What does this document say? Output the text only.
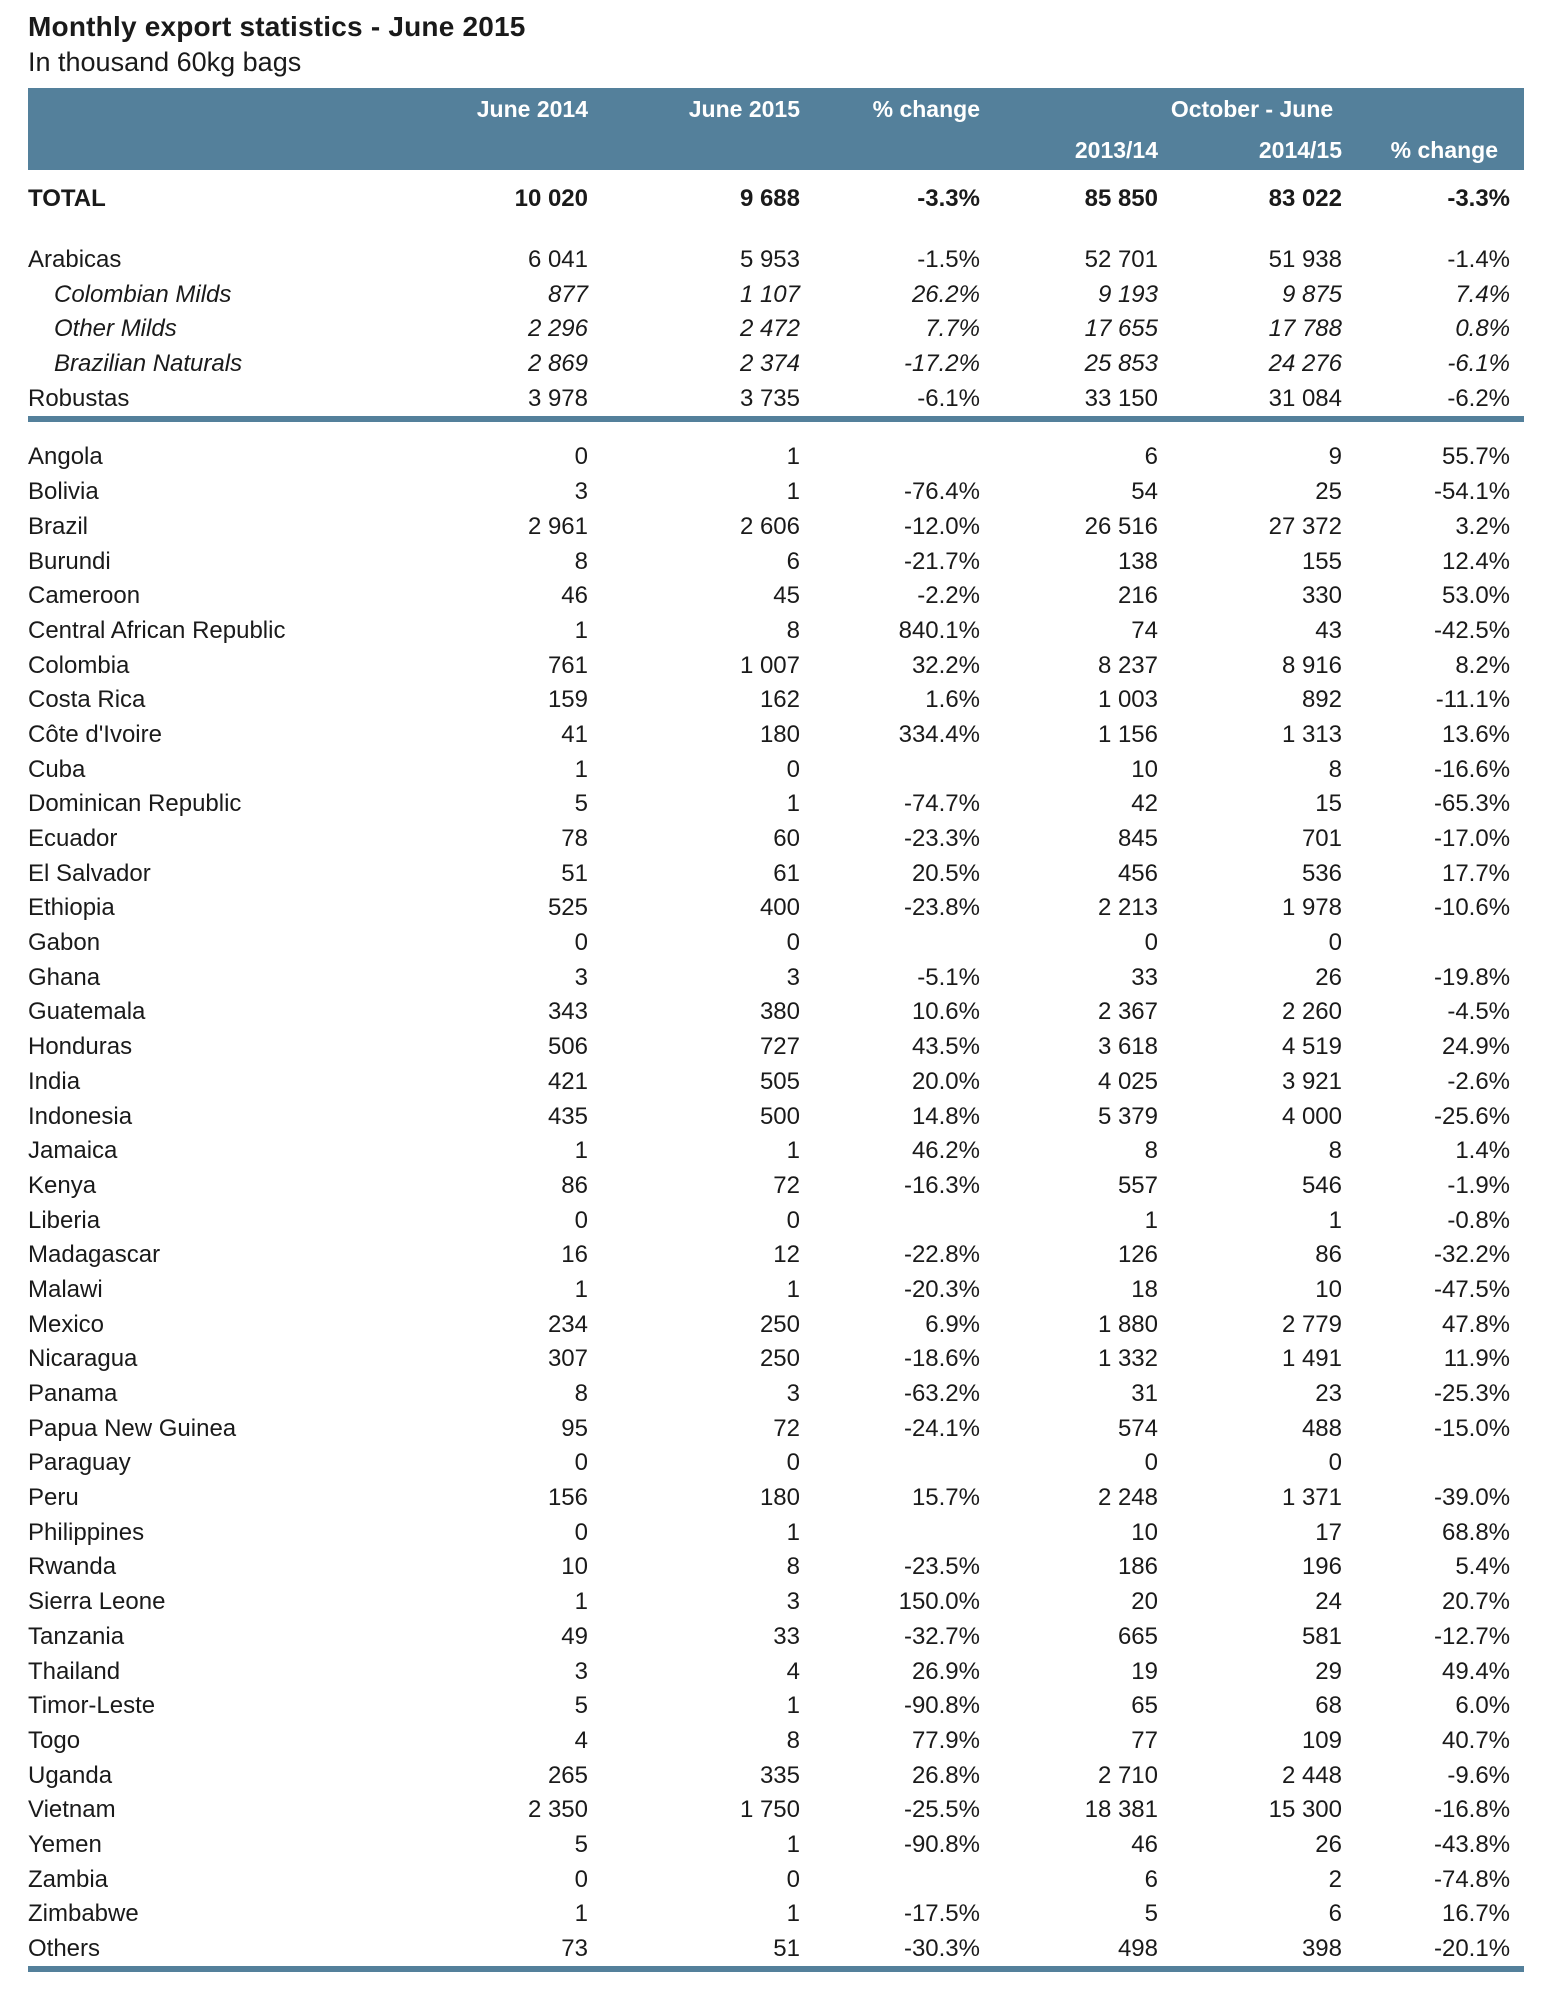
Monthly export statistics - June 2015
In thousand 60kg bags
	June 2014	June 2015	% change	October - June		
				2013/14	2014/15	% change

TOTAL	10 020	9 688	-3.3%	85 850	83 022	-3.3%

Arabicas	6 041	5 953	-1.5%	52 701	51 938	-1.4%
Colombian Milds	877	1 107	26.2%	9 193	9 875	7.4%
Other Milds	2 296	2 472	7.7%	17 655	17 788	0.8%
Brazilian Naturals	2 869	2 374	-17.2%	25 853	24 276	-6.1%
Robustas	3 978	3 735	-6.1%	33 150	31 084	-6.2%

Angola	0	1		6	9	55.7%
Bolivia	3	1	-76.4%	54	25	-54.1%
Brazil	2 961	2 606	-12.0%	26 516	27 372	3.2%
Burundi	8	6	-21.7%	138	155	12.4%
Cameroon	46	45	-2.2%	216	330	53.0%
Central African Republic	1	8	840.1%	74	43	-42.5%
Colombia	761	1 007	32.2%	8 237	8 916	8.2%
Costa Rica	159	162	1.6%	1 003	892	-11.1%
Côte d'Ivoire	41	180	334.4%	1 156	1 313	13.6%
Cuba	1	0		10	8	-16.6%
Dominican Republic	5	1	-74.7%	42	15	-65.3%
Ecuador	78	60	-23.3%	845	701	-17.0%
El Salvador	51	61	20.5%	456	536	17.7%
Ethiopia	525	400	-23.8%	2 213	1 978	-10.6%
Gabon	0	0		0	0	
Ghana	3	3	-5.1%	33	26	-19.8%
Guatemala	343	380	10.6%	2 367	2 260	-4.5%
Honduras	506	727	43.5%	3 618	4 519	24.9%
India	421	505	20.0%	4 025	3 921	-2.6%
Indonesia	435	500	14.8%	5 379	4 000	-25.6%
Jamaica	1	1	46.2%	8	8	1.4%
Kenya	86	72	-16.3%	557	546	-1.9%
Liberia	0	0		1	1	-0.8%
Madagascar	16	12	-22.8%	126	86	-32.2%
Malawi	1	1	-20.3%	18	10	-47.5%
Mexico	234	250	6.9%	1 880	2 779	47.8%
Nicaragua	307	250	-18.6%	1 332	1 491	11.9%
Panama	8	3	-63.2%	31	23	-25.3%
Papua New Guinea	95	72	-24.1%	574	488	-15.0%
Paraguay	0	0		0	0	
Peru	156	180	15.7%	2 248	1 371	-39.0%
Philippines	0	1		10	17	68.8%
Rwanda	10	8	-23.5%	186	196	5.4%
Sierra Leone	1	3	150.0%	20	24	20.7%
Tanzania	49	33	-32.7%	665	581	-12.7%
Thailand	3	4	26.9%	19	29	49.4%
Timor-Leste	5	1	-90.8%	65	68	6.0%
Togo	4	8	77.9%	77	109	40.7%
Uganda	265	335	26.8%	2 710	2 448	-9.6%
Vietnam	2 350	1 750	-25.5%	18 381	15 300	-16.8%
Yemen	5	1	-90.8%	46	26	-43.8%
Zambia	0	0		6	2	-74.8%
Zimbabwe	1	1	-17.5%	5	6	16.7%
Others	73	51	-30.3%	498	398	-20.1%
